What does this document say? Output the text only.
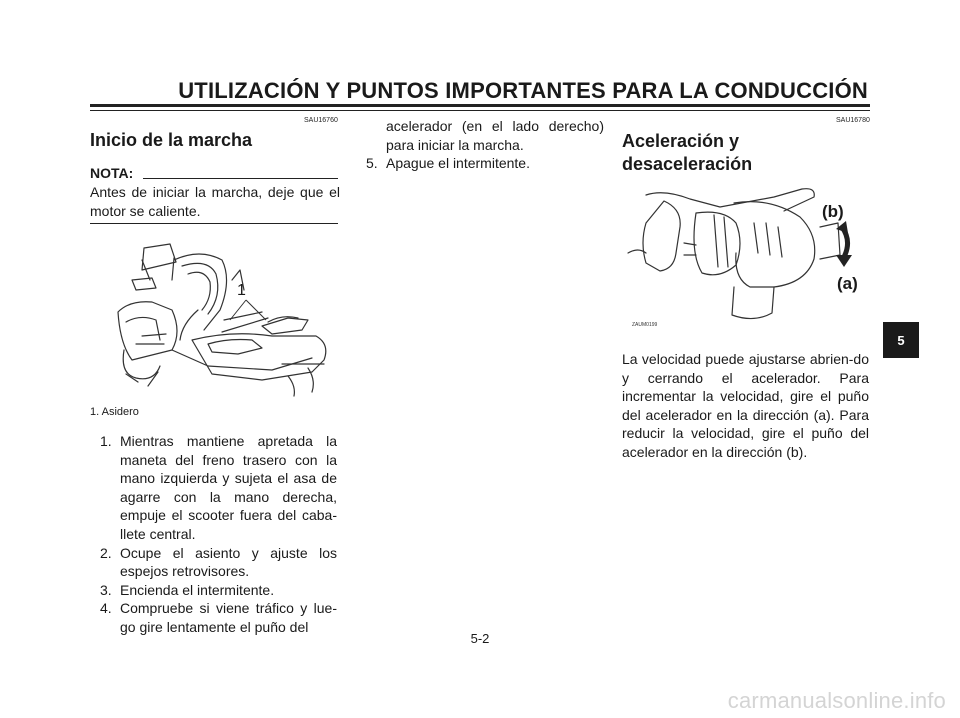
UTILIZACIÓN Y PUNTOS IMPORTANTES PARA LA CONDUCCIÓN
SAU16760
Inicio de la marcha
NOTA:
Antes de iniciar la marcha, deje que el motor se caliente.
1
1. Asidero
1. Mientras mantiene apretada la maneta del freno trasero con la mano izquierda y sujeta el asa de agarre con la mano derecha, empuje el scooter fuera del caba-llete central.
2. Ocupe el asiento y ajuste los espejos retrovisores.
3. Encienda el intermitente.
4. Compruebe si viene tráfico y lue-go gire lentamente el puño del
acelerador (en el lado derecho) para iniciar la marcha.
5. Apague el intermitente.
SAU16780
Aceleración y desaceleración
(b)
(a)
ZAUM0199
La velocidad puede ajustarse abrien-do y cerrando el acelerador. Para incrementar la velocidad, gire el puño del acelerador en la dirección (a). Para reducir la velocidad, gire el puño del acelerador en la dirección (b).
5
5-2
carmanualsonline.info
